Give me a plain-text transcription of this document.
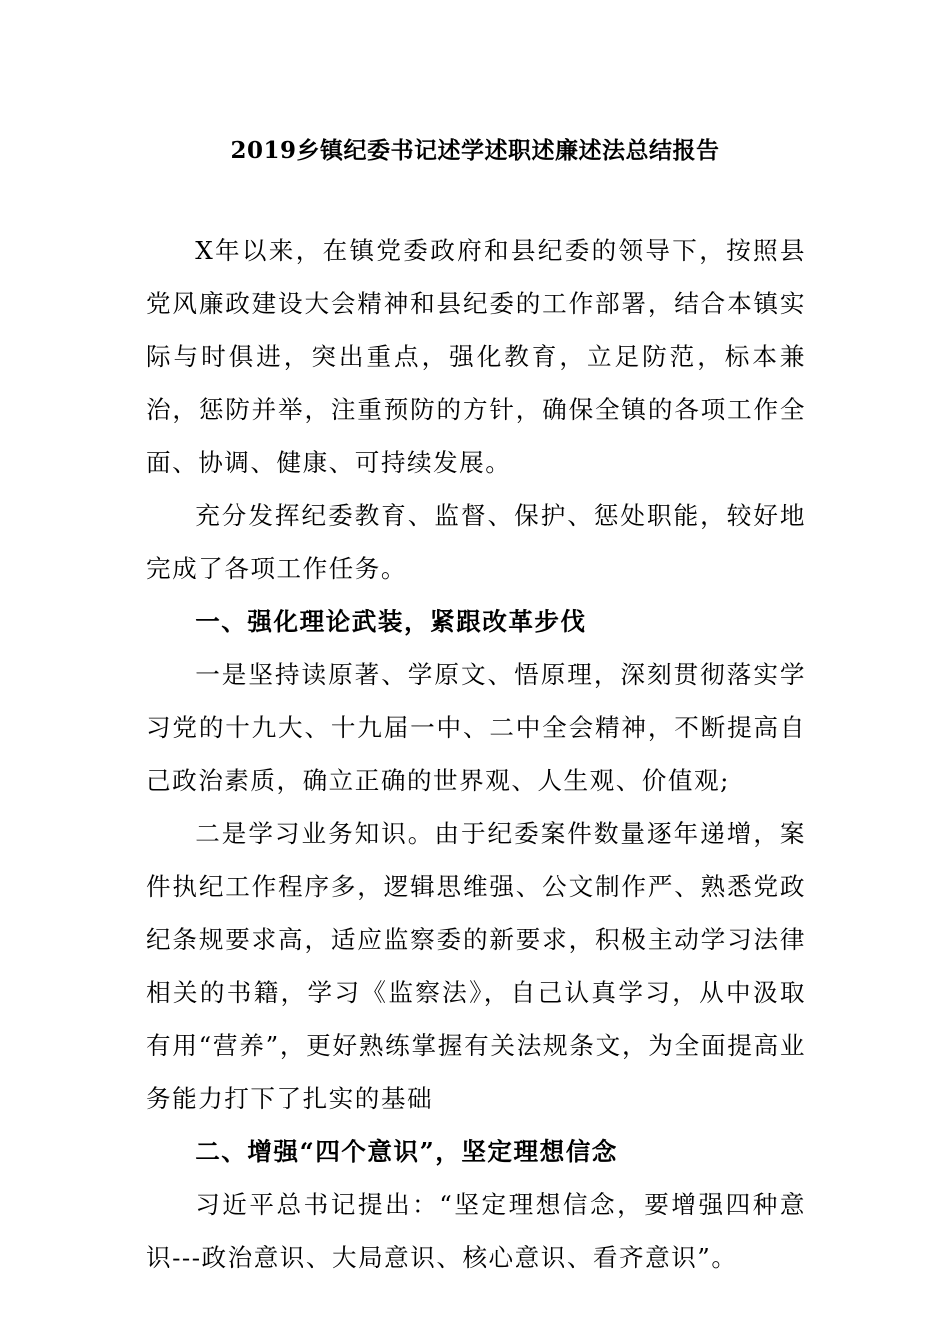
2019乡镇纪委书记述学述职述廉述法总结报告

X年以来，在镇党委政府和县纪委的领导下，按照县党风廉政建设大会精神和县纪委的工作部署，结合本镇实际与时俱进，突出重点，强化教育，立足防范，标本兼治，惩防并举，注重预防的方针，确保全镇的各项工作全面、协调、健康、可持续发展。

充分发挥纪委教育、监督、保护、惩处职能，较好地完成了各项工作任务。

一、强化理论武装，紧跟改革步伐

一是坚持读原著、学原文、悟原理，深刻贯彻落实学习党的十九大、十九届一中、二中全会精神，不断提高自己政治素质，确立正确的世界观、人生观、价值观;

二是学习业务知识。由于纪委案件数量逐年递增，案件执纪工作程序多，逻辑思维强、公文制作严、熟悉党政纪条规要求高，适应监察委的新要求，积极主动学习法律相关的书籍，学习《监察法》，自己认真学习，从中汲取有用“营养”，更好熟练掌握有关法规条文，为全面提高业务能力打下了扎实的基础

二、增强“四个意识”，坚定理想信念

习近平总书记提出：“坚定理想信念，要增强四种意识---政治意识、大局意识、核心意识、看齐意识”。
